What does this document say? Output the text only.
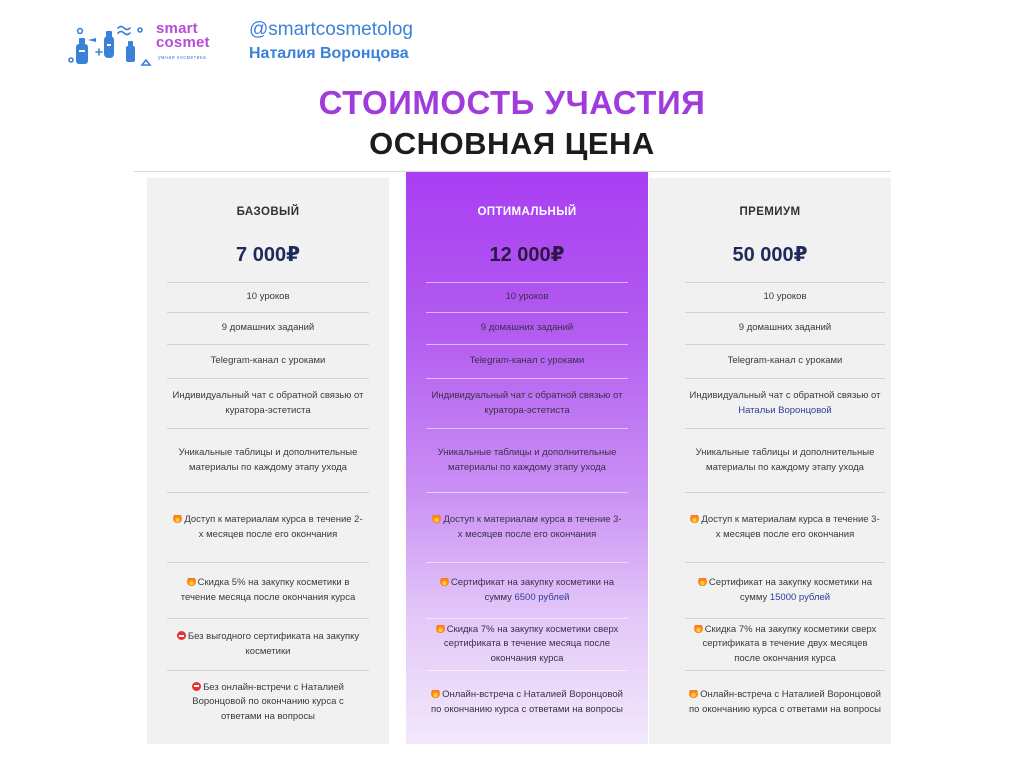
smart
cosmet
умная косметика
@smartcosmetolog
Наталия Воронцова
СТОИМОСТЬ УЧАСТИЯ
ОСНОВНАЯ ЦЕНА
БАЗОВЫЙ
7 000₽
10 уроков
9 домашних заданий
Telegram-канал с уроками
Индивидуальный чат с обратной связью от куратора-эстетиста
Уникальные таблицы и дополнительные материалы по каждому этапу ухода
Доступ к материалам курса в течение 2-х месяцев после его окончания
Скидка 5% на закупку косметики в течение месяца после окончания курса
Без выгодного сертификата на закупку косметики
Без онлайн-встречи с Наталией Воронцовой по окончанию курса с ответами на вопросы
ОПТИМАЛЬНЫЙ
12 000₽
10 уроков
9 домашних заданий
Telegram-канал с уроками
Индивидуальный чат с обратной связью от куратора-эстетиста
Уникальные таблицы и дополнительные материалы по каждому этапу ухода
Доступ к материалам курса в течение 3-х месяцев после его окончания
Сертификат на закупку косметики на сумму 6500 рублей
Скидка 7% на закупку косметики сверх сертификата в течение месяца после окончания курса
Онлайн-встреча с Наталией Воронцовой по окончанию курса с ответами на вопросы
ПРЕМИУМ
50 000₽
10 уроков
9 домашних заданий
Telegram-канал с уроками
Индивидуальный чат с обратной связью от Натальи Воронцовой
Уникальные таблицы и дополнительные материалы по каждому этапу ухода
Доступ к материалам курса в течение 3-х месяцев после его окончания
Сертификат на закупку косметики на сумму 15000 рублей
Скидка 7% на закупку косметики сверх сертификата в течение двух месяцев после окончания курса
Онлайн-встреча с Наталией Воронцовой по окончанию курса с ответами на вопросы
